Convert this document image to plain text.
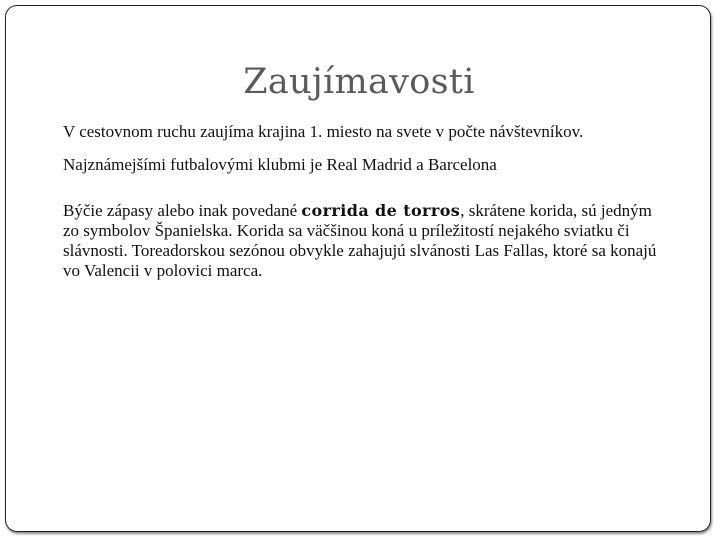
Zaujímavosti

V cestovnom ruchu zaujíma krajina 1. miesto na svete v počte návštevníkov.

Najznámejšími futbalovými klubmi je Real Madrid a Barcelona

Býčie zápasy alebo inak povedané corrida de torros, skrátene korida, sú jedným zo symbolov Španielska. Korida sa väčšinou koná u príležitostí nejakého sviatku či slávnosti. Toreadorskou sezónou obvykle zahajujú slvánosti Las Fallas, ktoré sa konajú vo Valencii v polovici marca.
